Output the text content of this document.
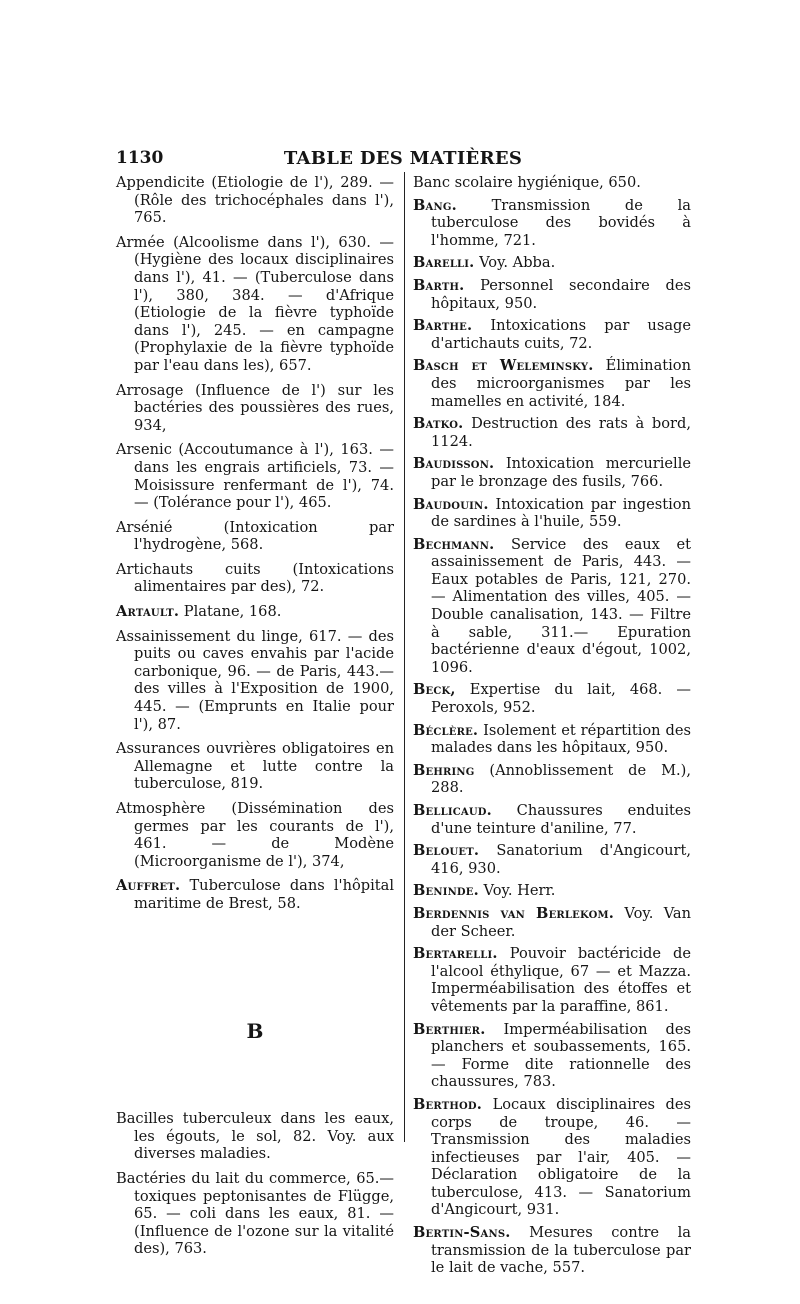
1130	TABLE DES MATIÈRES

Appendicite (Etiologie de l'), 289. — (Rôle des trichocéphales dans l'), 765.

Armée (Alcoolisme dans l'), 630. — (Hygiène des locaux disciplinaires dans l'), 41. — (Tuberculose dans l'), 380, 384. — d'Afrique (Etiologie de la fièvre typhoïde dans l'), 245. — en campagne (Prophylaxie de la fièvre typhoïde par l'eau dans les), 657.

Arrosage (Influence de l') sur les bactéries des poussières des rues, 934,

Arsenic (Accoutumance à l'), 163. — dans les engrais artificiels, 73. — Moisissure renfermant de l'), 74. — (Tolérance pour l'), 465.

Arsénié (Intoxication par l'hydrogène, 568.

Artichauts cuits (Intoxications alimentaires par des), 72.

Artault. Platane, 168.

Assainissement du linge, 617. — des puits ou caves envahis par l'acide carbonique, 96. — de Paris, 443.— des villes à l'Exposition de 1900, 445. — (Emprunts en Italie pour l'), 87.

Assurances ouvrières obligatoires en Allemagne et lutte contre la tuberculose, 819.

Atmosphère (Dissémination des germes par les courants de l'), 461. — de Modène (Microorganisme de l'), 374,

Auffret. Tuberculose dans l'hôpital maritime de Brest, 58.

B

Bacilles tuberculeux dans les eaux, les égouts, le sol, 82. Voy. aux diverses maladies.

Bactéries du lait du commerce, 65.— toxiques peptonisantes de Flügge, 65. — coli dans les eaux, 81. — (Influence de l'ozone sur la vitalité des), 763.

Banc scolaire hygiénique, 650.

Bang. Transmission de la tuberculose des bovidés à l'homme, 721.

Barelli. Voy. Abba.

Barth. Personnel secondaire des hôpitaux, 950.

Barthe. Intoxications par usage d'artichauts cuits, 72.

Basch et Weleminsky. Élimination des microorganismes par les mamelles en activité, 184.

Batko. Destruction des rats à bord, 1124.

Baudisson. Intoxication mercurielle par le bronzage des fusils, 766.

Baudouin. Intoxication par ingestion de sardines à l'huile, 559.

Bechmann. Service des eaux et assainissement de Paris, 443. — Eaux potables de Paris, 121, 270. — Alimentation des villes, 405. — Double canalisation, 143. — Filtre à sable, 311.— Epuration bactérienne d'eaux d'égout, 1002, 1096.

Beck, Expertise du lait, 468. — Peroxols, 952.

Béclère. Isolement et répartition des malades dans les hôpitaux, 950.

Behring (Annoblissement de M.), 288.

Bellicaud. Chaussures enduites d'une teinture d'aniline, 77.

Belouet. Sanatorium d'Angicourt, 416, 930.

Beninde. Voy. Herr.

Berdennis van Berlekom. Voy. Van der Scheer.

Bertarelli. Pouvoir bactéricide de l'alcool éthylique, 67 — et Mazza. Imperméabilisation des étoffes et vêtements par la paraffine, 861.

Berthier. Imperméabilisation des planchers et soubassements, 165.— Forme dite rationnelle des chaussures, 783.

Berthod. Locaux disciplinaires des corps de troupe, 46. — Transmission des maladies infectieuses par l'air, 405. — Déclaration obligatoire de la tuberculose, 413. — Sanatorium d'Angicourt, 931.

Bertin-Sans. Mesures contre la transmission de la tuberculose par le lait de vache, 557.
